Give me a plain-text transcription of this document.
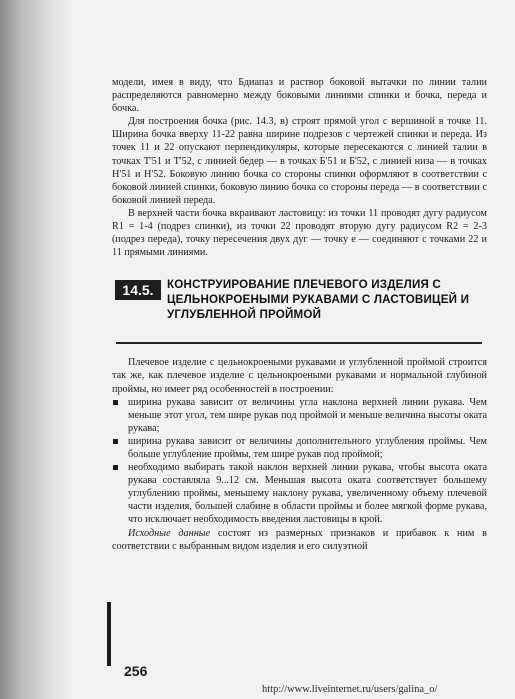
модели, имея в виду, что Бдиапаз и раствор боковой вытачки по линии талии распределяются равномерно между боковыми линиями спинки и бочка, переда и бочка.

Для построения бочка (рис. 14.3, в) строят прямой угол с вершиной в точке 11. Ширина бочка вверху 11-22 равна ширине подрезов с чертежей спинки и переда. Из точек 11 и 22 опускают перпендикуляры, которые пересекаются с линией талии в точках Т'51 и Т'52, с линией бедер — в точках Б'51 и Б'52, с линией низа — в точках Н'51 и Н'52. Боковую линию бочка со стороны спинки оформляют в соответствии с боковой линией спинки, боковую линию бочка со стороны переда — в соответствии с боковой линией переда.

В верхней части бочка вкраивают ластовицу: из точки 11 проводят дугу радиусом R1 = 1-4 (подрез спинки), из точки 22 проводят вторую дугу радиусом R2 = 2-3 (подрез переда), точку пересечения двух дуг — точку е — соединяют с точками 22 и 11 прямыми линиями.

14.5.	КОНСТРУИРОВАНИЕ ПЛЕЧЕВОГО ИЗДЕЛИЯ С ЦЕЛЬНОКРОЕНЫМИ РУКАВАМИ С ЛАСТОВИЦЕЙ И УГЛУБЛЕННОЙ ПРОЙМОЙ

Плечевое изделие с цельнокроеными рукавами и углубленной проймой строится так же, как плечевое изделие с цельнокроеными рукавами и нормальной глубиной проймы, но имеет ряд особенностей в построении:

ширина рукава зависит от величины угла наклона верхней линии рукава. Чем меньше этот угол, тем шире рукав под проймой и меньше величина высоты оката рукава;
ширина рукава зависит от величины дополнительного углубления проймы. Чем больше углубление проймы, тем шире рукав под проймой;
необходимо выбирать такой наклон верхней линии рукава, чтобы высота оката рукава составляла 9...12 см. Меньшая высота оката соответствует большему углублению проймы, меньшему наклону рукава, увеличенному объему плечевой части изделия, большей слабине в области проймы и более мягкой форме рукава, что исключает необходимость введения ластовицы в крой.

Исходные данные состоят из размерных признаков и прибавок к ним в соответствии с выбранным видом изделия и его силуэтной

256
http://www.liveinternet.ru/users/galina_o/
